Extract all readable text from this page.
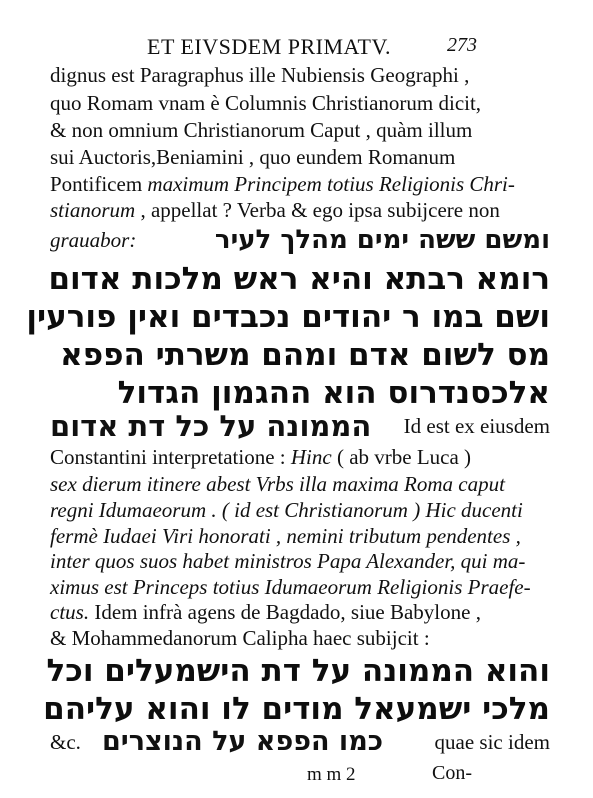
ET EIVSDEM PRIMATV.	273
dignus est Paragraphus ille Nubiensis Geographi ,
quo Romam vnam è Columnis Christianorum dicit,
& non omnium Christianorum Caput , quàm illum
sui Auctoris,Beniamini , quo eundem Romanum
Pontificem maximum Principem totius Religionis Chri-
stianorum , appellat ? Verba & ego ipsa subijcere non
grauabor:	ומשם ששה ימים מהלך לעיר
רומא רבתא והיא ראש מלכות אדום
ושם במו ר יהודים נכבדים ואין פורעין
מס לשום אדם ומהם משרתי הפפא
אלכסנדרוס הוא ההגמון הגדול
הממונה על כל דת אדום Id est ex eiusdem
Constantini interpretatione : Hinc ( ab vrbe Luca )
sex dierum itinere abest Vrbs illa maxima Roma caput
regni Idumaeorum . ( id est Christianorum ) Hic ducenti
fermè Iudaei Viri honorati , nemini tributum pendentes ,
inter quos suos habet ministros Papa Alexander, qui ma-
ximus est Princeps totius Idumaeorum Religionis Praefe-
ctus. Idem infrà agens de Bagdado, siue Babylone ,
& Mohammedanorum Calipha haec subijcit :
והוא הממונה על דת הישמעלים וכל
מלכי ישמעאל מודים לו והוא עליהם
&c. כמו הפפא על הנוצרים quae sic idem
m m 2	Con-
